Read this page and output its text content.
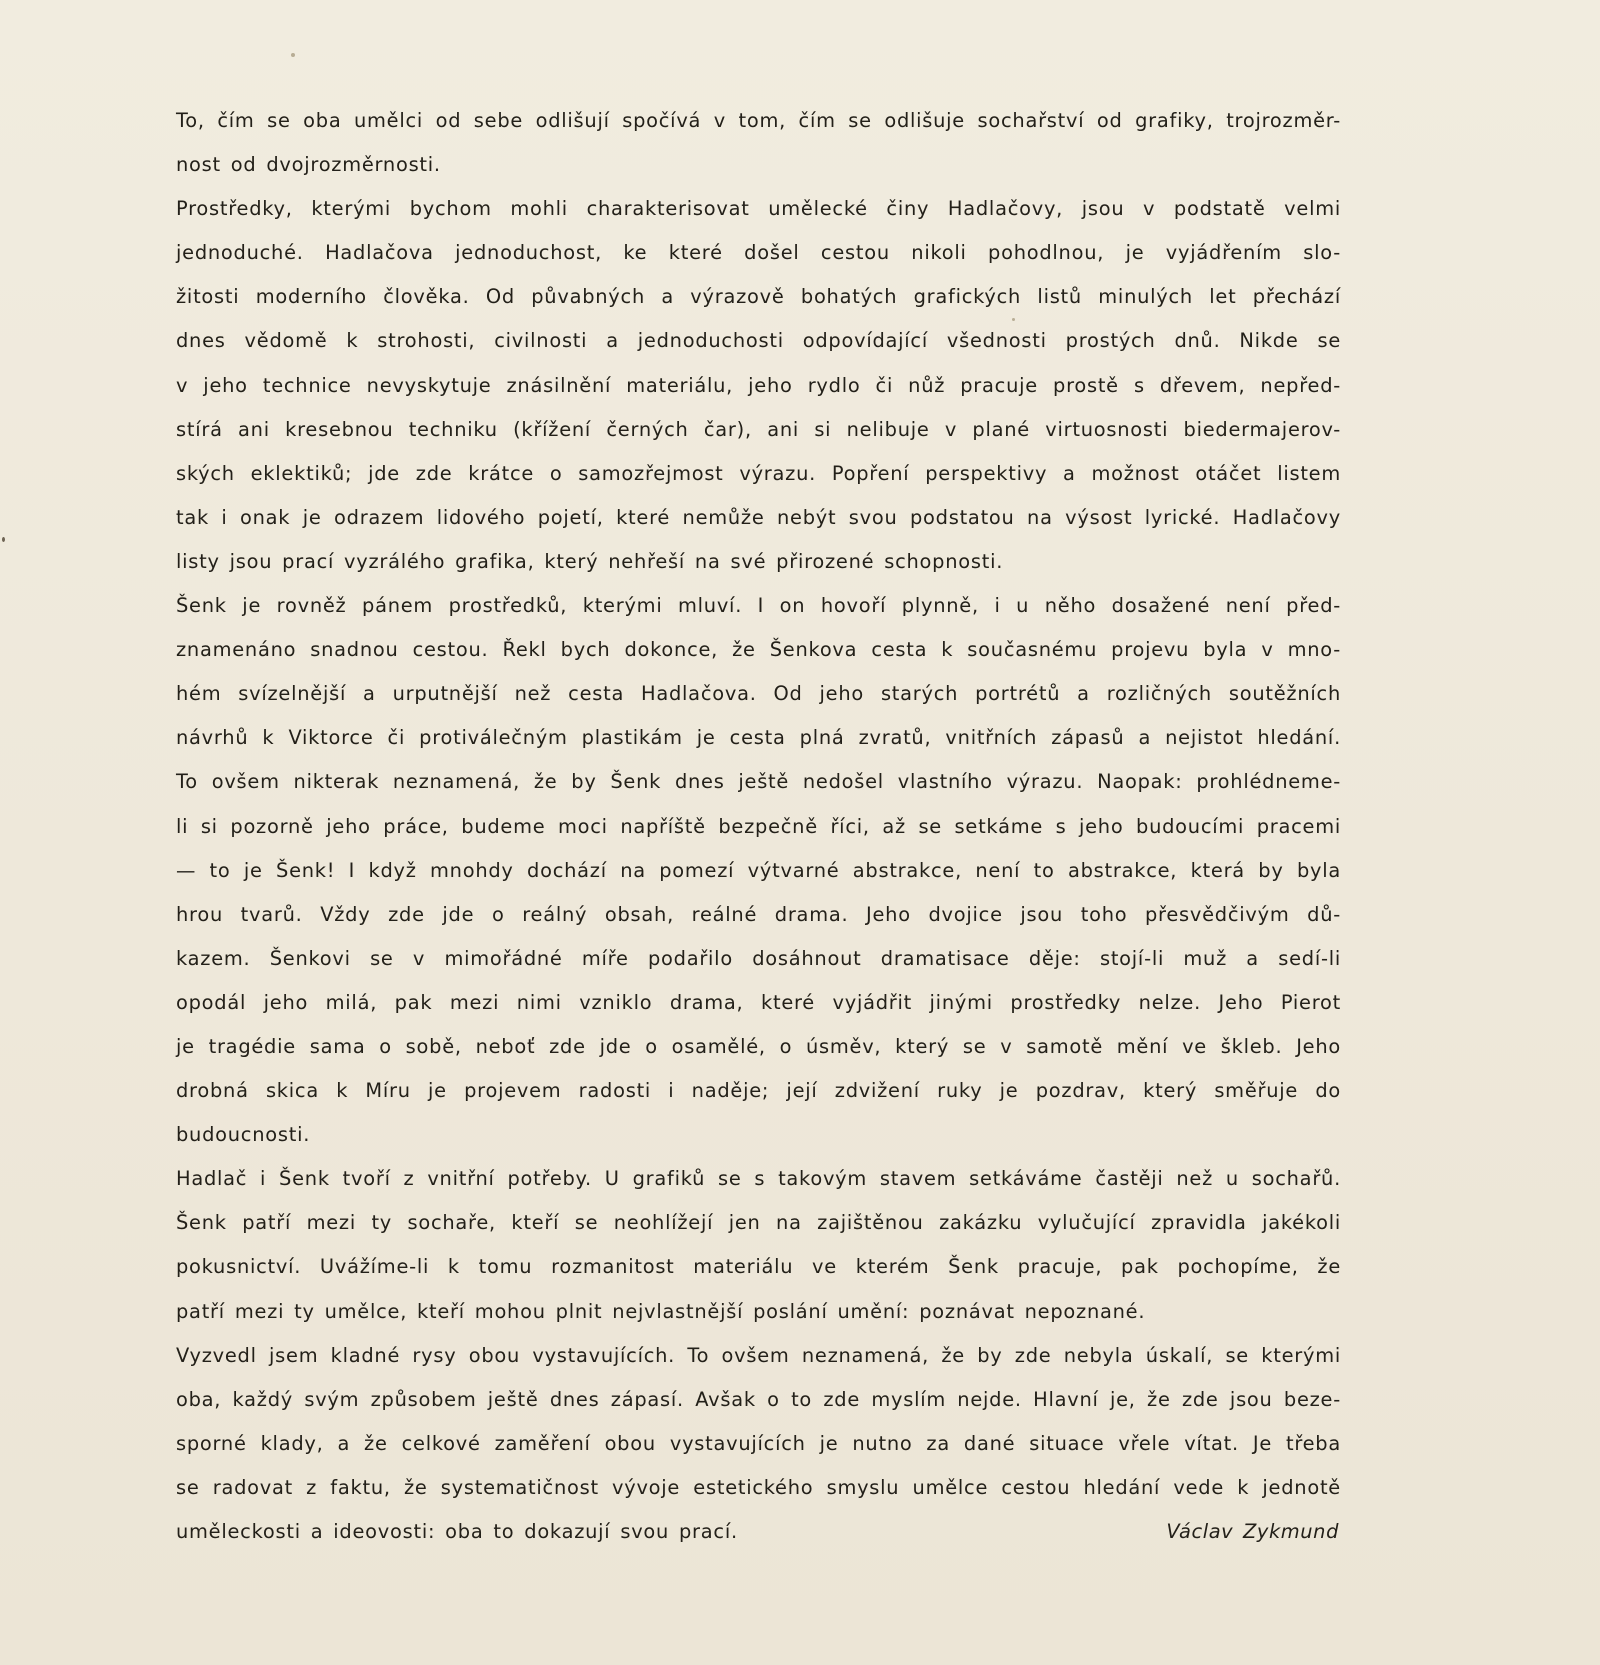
To, čím se oba umělci od sebe odlišují spočívá v tom, čím se odlišuje sochařství od grafiky, trojrozměr-
nost od dvojrozměrnosti.
Prostředky, kterými bychom mohli charakterisovat umělecké činy Hadlačovy, jsou v podstatě velmi
jednoduché. Hadlačova jednoduchost, ke které došel cestou nikoli pohodlnou, je vyjádřením slo-
žitosti moderního člověka. Od půvabných a výrazově bohatých grafických listů minulých let přechází
dnes vědomě k strohosti, civilnosti a jednoduchosti odpovídající všednosti prostých dnů. Nikde se
v jeho technice nevyskytuje znásilnění materiálu, jeho rydlo či nůž pracuje prostě s dřevem, nepřed-
stírá ani kresebnou techniku (křížení černých čar), ani si nelibuje v plané virtuosnosti biedermajerov-
ských eklektiků; jde zde krátce o samozřejmost výrazu. Popření perspektivy a možnost otáčet listem
tak i onak je odrazem lidového pojetí, které nemůže nebýt svou podstatou na výsost lyrické. Hadlačovy
listy jsou prací vyzrálého grafika, který nehřeší na své přirozené schopnosti.
Šenk je rovněž pánem prostředků, kterými mluví. I on hovoří plynně, i u něho dosažené není před-
znamenáno snadnou cestou. Řekl bych dokonce, že Šenkova cesta k současnému projevu byla v mno-
hém svízelnější a urputnější než cesta Hadlačova. Od jeho starých portrétů a rozličných soutěžních
návrhů k Viktorce či protiválečným plastikám je cesta plná zvratů, vnitřních zápasů a nejistot hledání.
To ovšem nikterak neznamená, že by Šenk dnes ještě nedošel vlastního výrazu. Naopak: prohlédneme-
li si pozorně jeho práce, budeme moci napříště bezpečně říci, až se setkáme s jeho budoucími pracemi
— to je Šenk! I když mnohdy dochází na pomezí výtvarné abstrakce, není to abstrakce, která by byla
hrou tvarů. Vždy zde jde o reálný obsah, reálné drama. Jeho dvojice jsou toho přesvědčivým dů-
kazem. Šenkovi se v mimořádné míře podařilo dosáhnout dramatisace děje: stojí-li muž a sedí-li
opodál jeho milá, pak mezi nimi vzniklo drama, které vyjádřit jinými prostředky nelze. Jeho Pierot
je tragédie sama o sobě, neboť zde jde o osamělé, o úsměv, který se v samotě mění ve škleb. Jeho
drobná skica k Míru je projevem radosti i naděje; její zdvižení ruky je pozdrav, který směřuje do
budoucnosti.
Hadlač i Šenk tvoří z vnitřní potřeby. U grafiků se s takovým stavem setkáváme častěji než u sochařů.
Šenk patří mezi ty sochaře, kteří se neohlížejí jen na zajištěnou zakázku vylučující zpravidla jakékoli
pokusnictví. Uvážíme-li k tomu rozmanitost materiálu ve kterém Šenk pracuje, pak pochopíme, že
patří mezi ty umělce, kteří mohou plnit nejvlastnější poslání umění: poznávat nepoznané.
Vyzvedl jsem kladné rysy obou vystavujících. To ovšem neznamená, že by zde nebyla úskalí, se kterými
oba, každý svým způsobem ještě dnes zápasí. Avšak o to zde myslím nejde. Hlavní je, že zde jsou beze-
sporné klady, a že celkové zaměření obou vystavujících je nutno za dané situace vřele vítat. Je třeba
se radovat z faktu, že systematičnost vývoje estetického smyslu umělce cestou hledání vede k jednotě
uměleckosti a ideovosti: oba to dokazují svou prací.	Václav Zykmund
